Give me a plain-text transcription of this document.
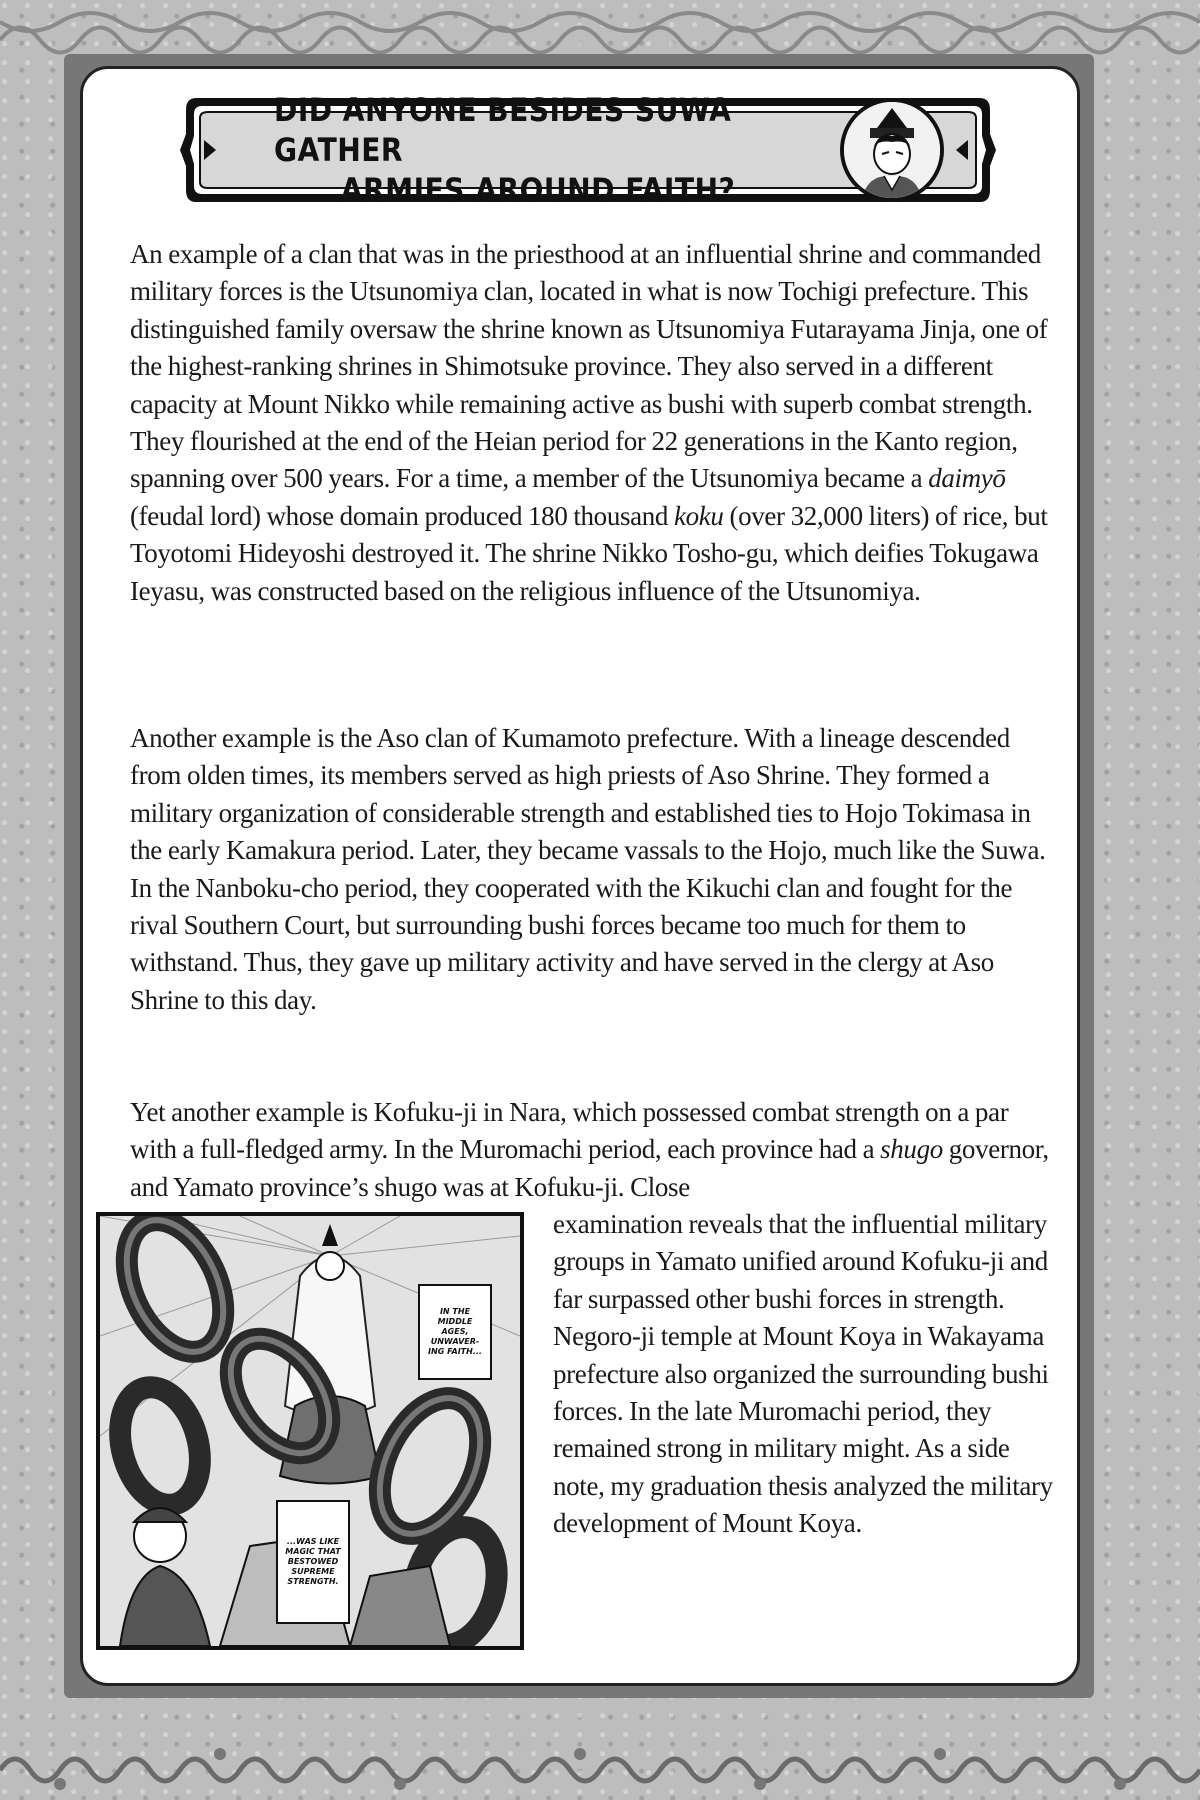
DID ANYONE BESIDES SUWA GATHER
ARMIES AROUND FAITH?

An example of a clan that was in the priesthood at an influential shrine and commanded military forces is the Utsunomiya clan, located in what is now Tochigi prefecture. This distinguished family oversaw the shrine known as Utsunomiya Futarayama Jinja, one of the highest-ranking shrines in Shimotsuke province. They also served in a different capacity at Mount Nikko while remaining active as bushi with superb combat strength. They flourished at the end of the Heian period for 22 generations in the Kanto region, spanning over 500 years. For a time, a member of the Utsunomiya became a daimyō (feudal lord) whose domain produced 180 thousand koku (over 32,000 liters) of rice, but Toyotomi Hideyoshi destroyed it. The shrine Nikko Tosho-gu, which deifies Tokugawa Ieyasu, was constructed based on the religious influence of the Utsunomiya.

Another example is the Aso clan of Kumamoto prefecture. With a lineage descended from olden times, its members served as high priests of Aso Shrine. They formed a military organization of considerable strength and established ties to Hojo Tokimasa in the early Kamakura period. Later, they became vassals to the Hojo, much like the Suwa. In the Nanboku-cho period, they cooperated with the Kikuchi clan and fought for the rival Southern Court, but surrounding bushi forces became too much for them to withstand. Thus, they gave up military activity and have served in the clergy at Aso Shrine to this day.

Yet another example is Kofuku-ji in Nara, which possessed combat strength on a par with a full-fledged army. In the Muromachi period, each province had a shugo governor, and Yamato province’s shugo was at Kofuku-ji. Close

examination reveals that the influential military groups in Yamato unified around Kofuku-ji and far surpassed other bushi forces in strength. Negoro-ji temple at Mount Koya in Wakayama prefecture also organized the surrounding bushi forces. In the late Muromachi period, they remained strong in military might. As a side note, my graduation thesis analyzed the military development of Mount Koya.

IN THE MIDDLE AGES, UNWAVER-ING FAITH...
...WAS LIKE MAGIC THAT BESTOWED SUPREME STRENGTH.
